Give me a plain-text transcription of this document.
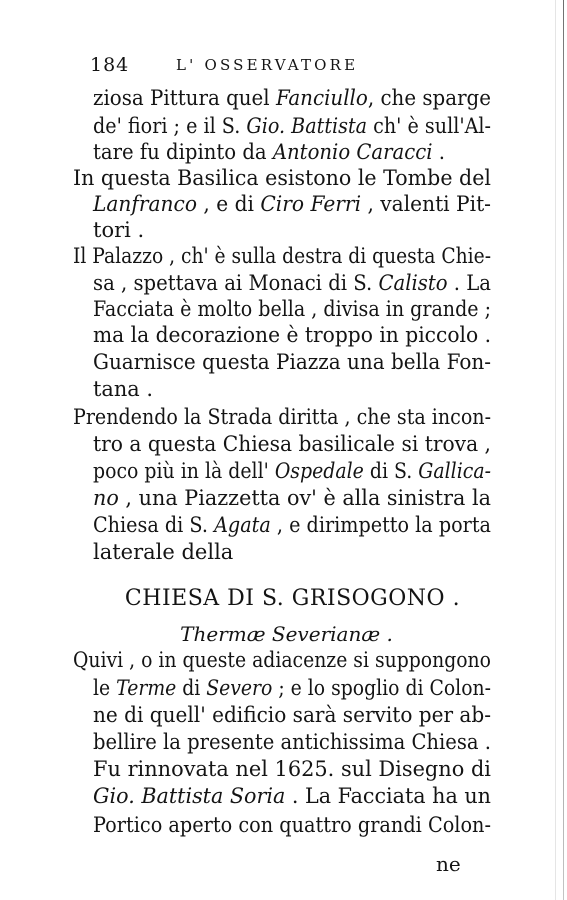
184	L' OSSERVATORE
ziosa Pittura quel Fanciullo, che sparge
de' fiori ; e il S. Gio. Battista ch' è sull'Al-
tare fu dipinto da Antonio Caracci .
In questa Basilica esistono le Tombe del
Lanfranco , e di Ciro Ferri , valenti Pit-
tori .
Il Palazzo , ch' è sulla destra di questa Chie-
sa , spettava ai Monaci di S. Calisto . La
Facciata è molto bella , divisa in grande ;
ma la decorazione è troppo in piccolo .
Guarnisce questa Piazza una bella Fon-
tana .
Prendendo la Strada diritta , che sta incon-
tro a questa Chiesa basilicale si trova ,
poco più in là dell' Ospedale di S. Gallica-
no , una Piazzetta ov' è alla sinistra la
Chiesa di S. Agata , e dirimpetto la porta
laterale della
Quivi , o in queste adiacenze si suppongono
le Terme di Severo ; e lo spoglio di Colon-
ne di quell' edificio sarà servito per ab-
bellire la presente antichissima Chiesa .
Fu rinnovata nel 1625. sul Disegno di
Gio. Battista Soria . La Facciata ha un
Portico aperto con quattro grandi Colon-
CHIESA DI S. GRISOGONO .
Thermæ Severianæ .
ne
